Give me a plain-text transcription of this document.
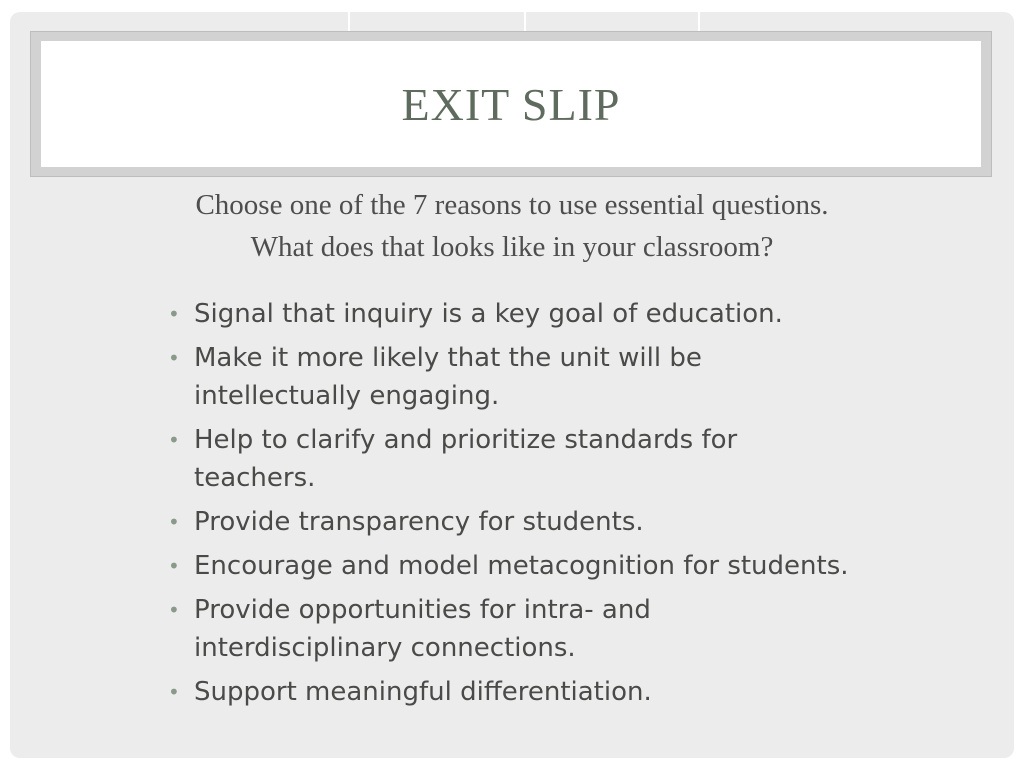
EXIT SLIP

Choose one of the 7 reasons to use essential questions.
What does that looks like in your classroom?

• Signal that inquiry is a key goal of education.
• Make it more likely that the unit will be intellectually engaging.
• Help to clarify and prioritize standards for teachers.
• Provide transparency for students.
• Encourage and model metacognition for students.
• Provide opportunities for intra- and interdisciplinary connections.
• Support meaningful differentiation.
